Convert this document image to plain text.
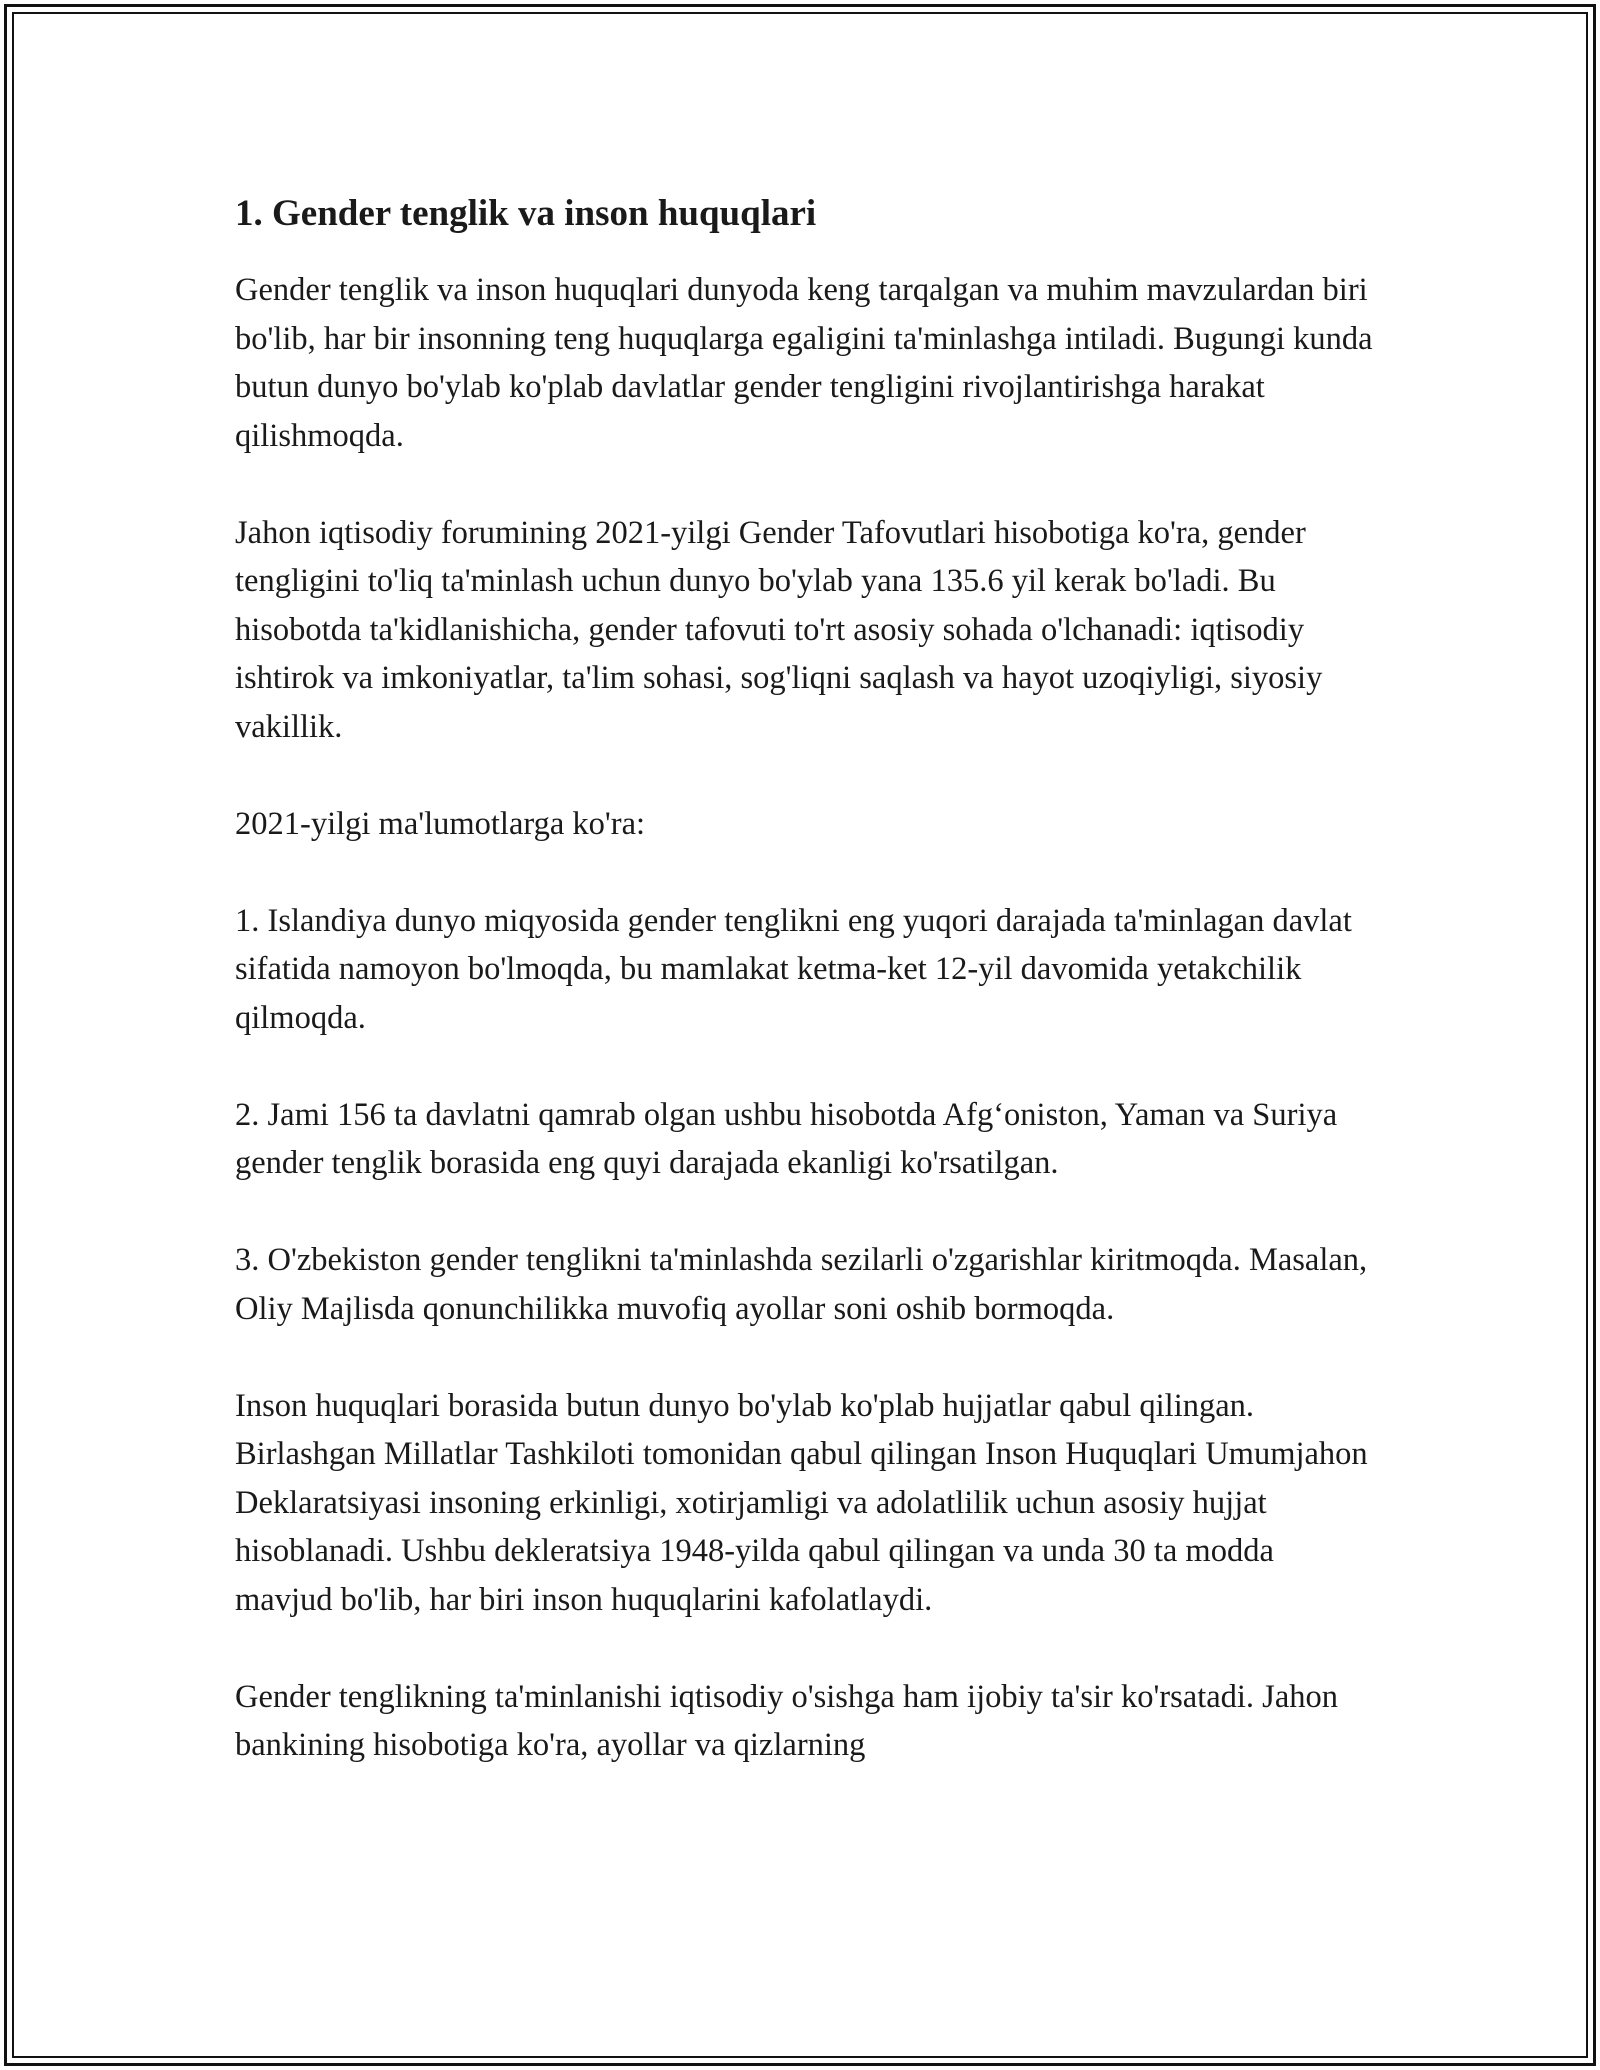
1. Gender tenglik va inson huquqlari

Gender tenglik va inson huquqlari dunyoda keng tarqalgan va muhim mavzulardan biri bo'lib, har bir insonning teng huquqlarga egaligini ta'minlashga intiladi. Bugungi kunda butun dunyo bo'ylab ko'plab davlatlar gender tengligini rivojlantirishga harakat qilishmoqda.

Jahon iqtisodiy forumining 2021-yilgi Gender Tafovutlari hisobotiga ko'ra, gender tengligini to'liq ta'minlash uchun dunyo bo'ylab yana 135.6 yil kerak bo'ladi. Bu hisobotda ta'kidlanishicha, gender tafovuti to'rt asosiy sohada o'lchanadi: iqtisodiy ishtirok va imkoniyatlar, ta'lim sohasi, sog'liqni saqlash va hayot uzoqiyligi, siyosiy vakillik.

2021-yilgi ma'lumotlarga ko'ra:

1. Islandiya dunyo miqyosida gender tenglikni eng yuqori darajada ta'minlagan davlat sifatida namoyon bo'lmoqda, bu mamlakat ketma-ket 12-yil davomida yetakchilik qilmoqda.

2. Jami 156 ta davlatni qamrab olgan ushbu hisobotda Afg‘oniston, Yaman va Suriya gender tenglik borasida eng quyi darajada ekanligi ko'rsatilgan.

3. O'zbekiston gender tenglikni ta'minlashda sezilarli o'zgarishlar kiritmoqda. Masalan, Oliy Majlisda qonunchilikka muvofiq ayollar soni oshib bormoqda.

Inson huquqlari borasida butun dunyo bo'ylab ko'plab hujjatlar qabul qilingan. Birlashgan Millatlar Tashkiloti tomonidan qabul qilingan Inson Huquqlari Umumjahon Deklaratsiyasi insoning erkinligi, xotirjamligi va adolatlilik uchun asosiy hujjat hisoblanadi. Ushbu dekleratsiya 1948-yilda qabul qilingan va unda 30 ta modda mavjud bo'lib, har biri inson huquqlarini kafolatlaydi.

Gender tenglikning ta'minlanishi iqtisodiy o'sishga ham ijobiy ta'sir ko'rsatadi. Jahon bankining hisobotiga ko'ra, ayollar va qizlarning
